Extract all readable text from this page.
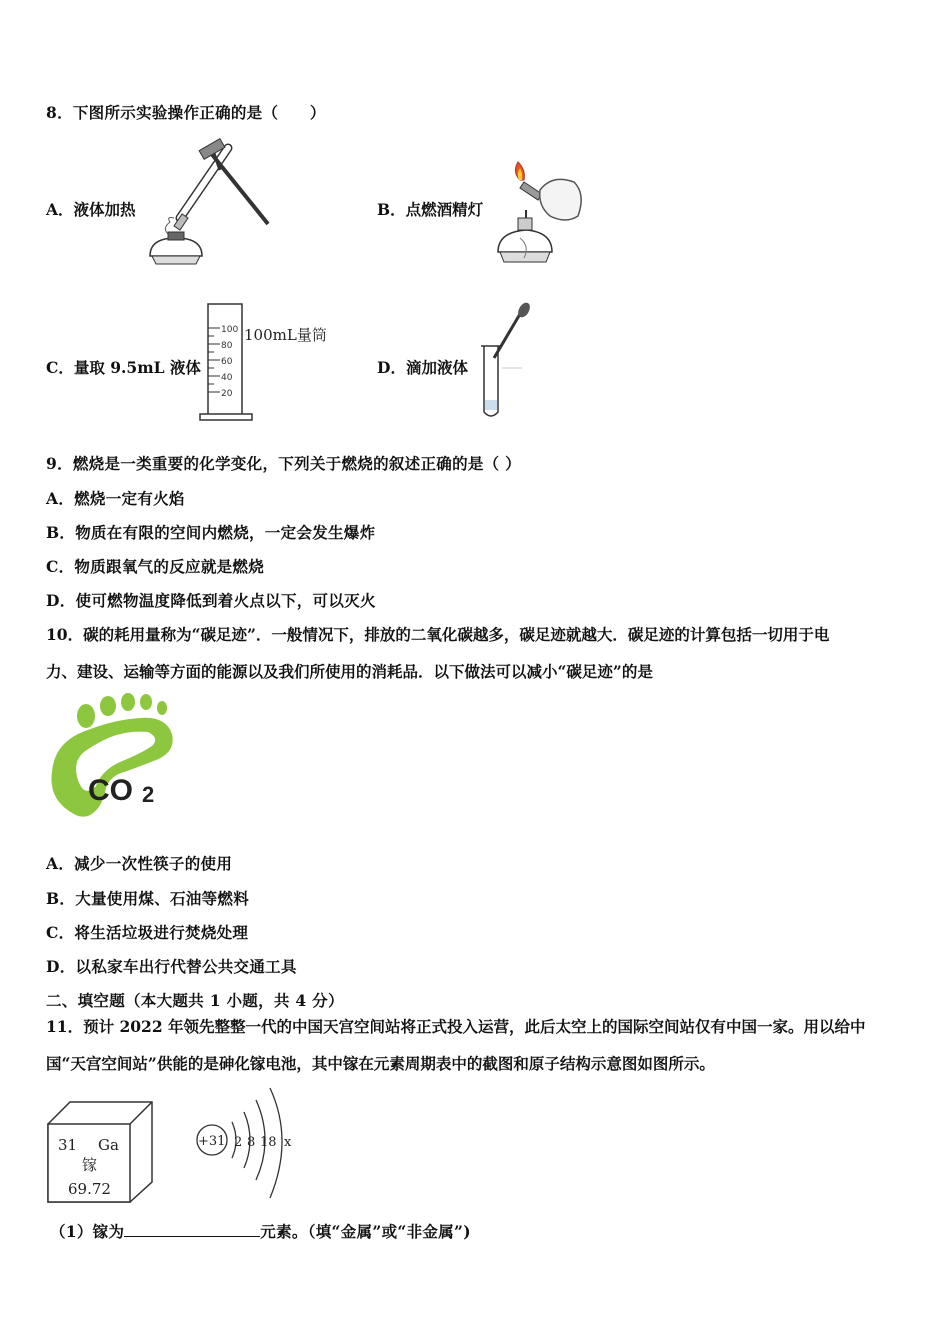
8．下图所示实验操作正确的是（　　）
A．液体加热	B．点燃酒精灯
C．量取 9.5mL 液体
100
80
60
40
20
100mL量筒
D．滴加液体
9．燃烧是一类重要的化学变化，下列关于燃烧的叙述正确的是（ ）
A．燃烧一定有火焰
B．物质在有限的空间内燃烧，一定会发生爆炸
C．物质跟氧气的反应就是燃烧
D．使可燃物温度降低到着火点以下，可以灭火
10．碳的耗用量称为“碳足迹”．一般情况下，排放的二氧化碳越多，碳足迹就越大．碳足迹的计算包括一切用于电
力、建设、运输等方面的能源以及我们所使用的消耗品．以下做法可以减小“碳足迹”的是
CO 2
A．减少一次性筷子的使用
B．大量使用煤、石油等燃料
C．将生活垃圾进行焚烧处理
D．以私家车出行代替公共交通工具
二、填空题（本大题共 1 小题，共 4 分）
11．预计 2022 年领先整整一代的中国天宫空间站将正式投入运营，此后太空上的国际空间站仅有中国一家。用以给中
国“天宫空间站”供能的是砷化镓电池，其中镓在元素周期表中的截图和原子结构示意图如图所示。
31 Ga
镓
69.72
+31 2 8 18 x
（1）镓为	元素。（填“金属”或“非金属”)
